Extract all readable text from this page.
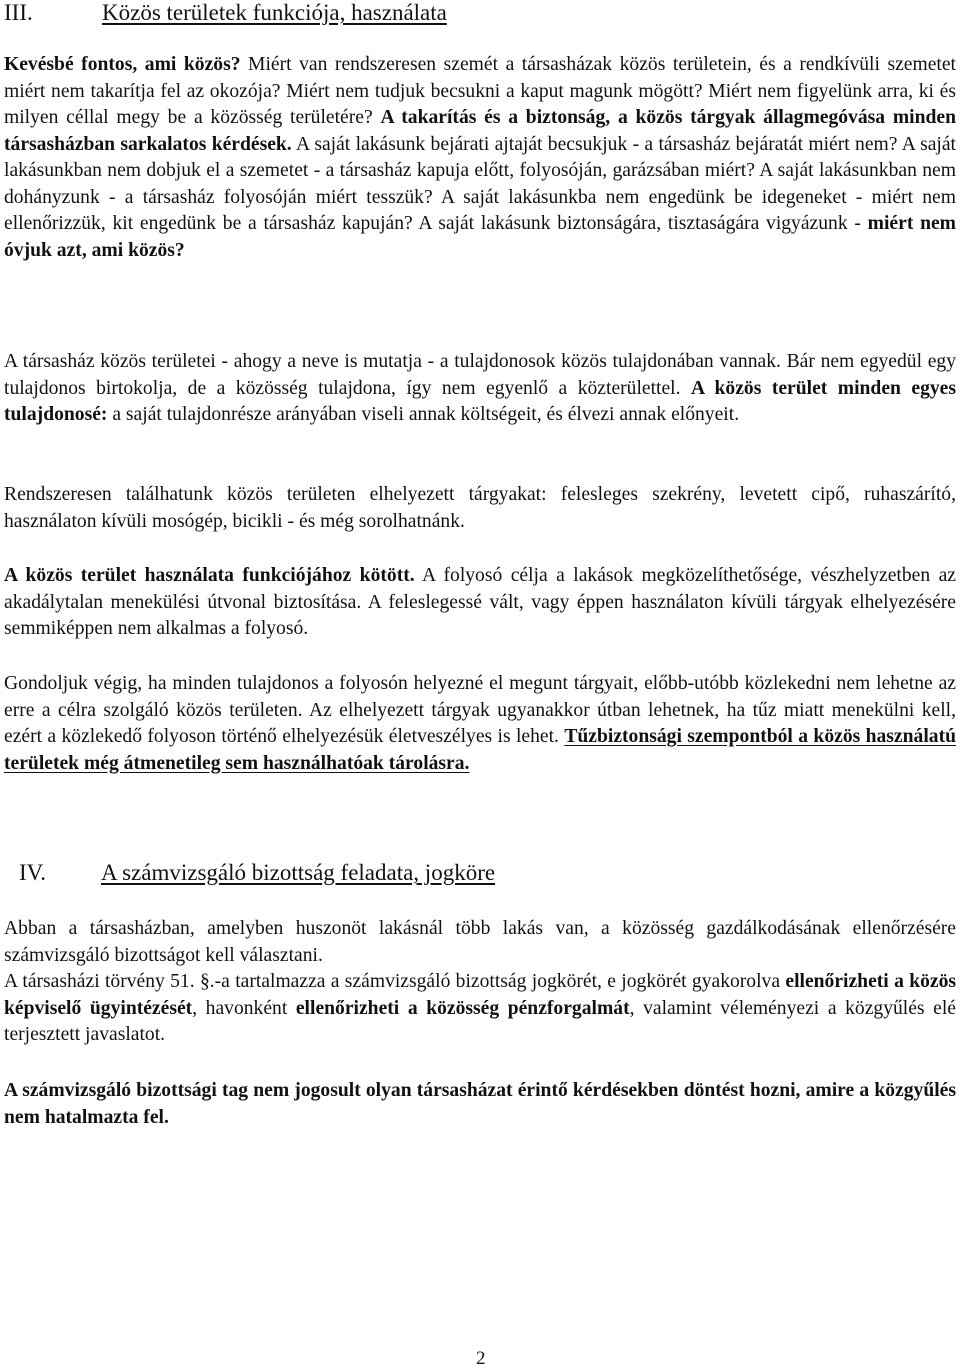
III.	Közös területek funkciója, használata

Kevésbé fontos, ami közös? Miért van rendszeresen szemét a társasházak közös területein, és a rendkívüli szemetet miért nem takarítja fel az okozója? Miért nem tudjuk becsukni a kaput magunk mögött? Miért nem figyelünk arra, ki és milyen céllal megy be a közösség területére? A takarítás és a biztonság, a közös tárgyak állagmegóvása minden társasházban sarkalatos kérdések. A saját lakásunk bejárati ajtaját becsukjuk - a társasház bejáratát miért nem? A saját lakásunkban nem dobjuk el a szemetet - a társasház kapuja előtt, folyosóján, garázsában miért? A saját lakásunkban nem dohányzunk - a társasház folyosóján miért tesszük? A saját lakásunkba nem engedünk be idegeneket - miért nem ellenőrizzük, kit engedünk be a társasház kapuján? A saját lakásunk biztonságára, tisztaságára vigyázunk - miért nem óvjuk azt, ami közös?

A társasház közös területei - ahogy a neve is mutatja - a tulajdonosok közös tulajdonában vannak. Bár nem egyedül egy tulajdonos birtokolja, de a közösség tulajdona, így nem egyenlő a közterülettel. A közös terület minden egyes tulajdonosé: a saját tulajdonrésze arányában viseli annak költségeit, és élvezi annak előnyeit.

Rendszeresen találhatunk közös területen elhelyezett tárgyakat: felesleges szekrény, levetett cipő, ruhaszárító, használaton kívüli mosógép, bicikli - és még sorolhatnánk.

A közös terület használata funkciójához kötött. A folyosó célja a lakások megközelíthetősége, vészhelyzetben az akadálytalan menekülési útvonal biztosítása. A feleslegessé vált, vagy éppen használaton kívüli tárgyak elhelyezésére semmiképpen nem alkalmas a folyosó.

Gondoljuk végig, ha minden tulajdonos a folyosón helyezné el megunt tárgyait, előbb-utóbb közlekedni nem lehetne az erre a célra szolgáló közös területen. Az elhelyezett tárgyak ugyanakkor útban lehetnek, ha tűz miatt menekülni kell, ezért a közlekedő folyoson történő elhelyezésük életveszélyes is lehet. Tűzbiztonsági szempontból a közös használatú területek még átmenetileg sem használhatóak tárolásra.

IV. A számvizsgáló bizottság feladata, jogköre

Abban a társasházban, amelyben huszonöt lakásnál több lakás van, a közösség gazdálkodásának ellenőrzésére számvizsgáló bizottságot kell választani.
A társasházi törvény 51. §.-a tartalmazza a számvizsgáló bizottság jogkörét, e jogkörét gyakorolva ellenőrizheti a közös képviselő ügyintézését, havonként ellenőrizheti a közösség pénzforgalmát, valamint véleményezi a közgyűlés elé terjesztett javaslatot.

A számvizsgáló bizottsági tag nem jogosult olyan társasházat érintő kérdésekben döntést hozni, amire a közgyűlés nem hatalmazta fel.

2
